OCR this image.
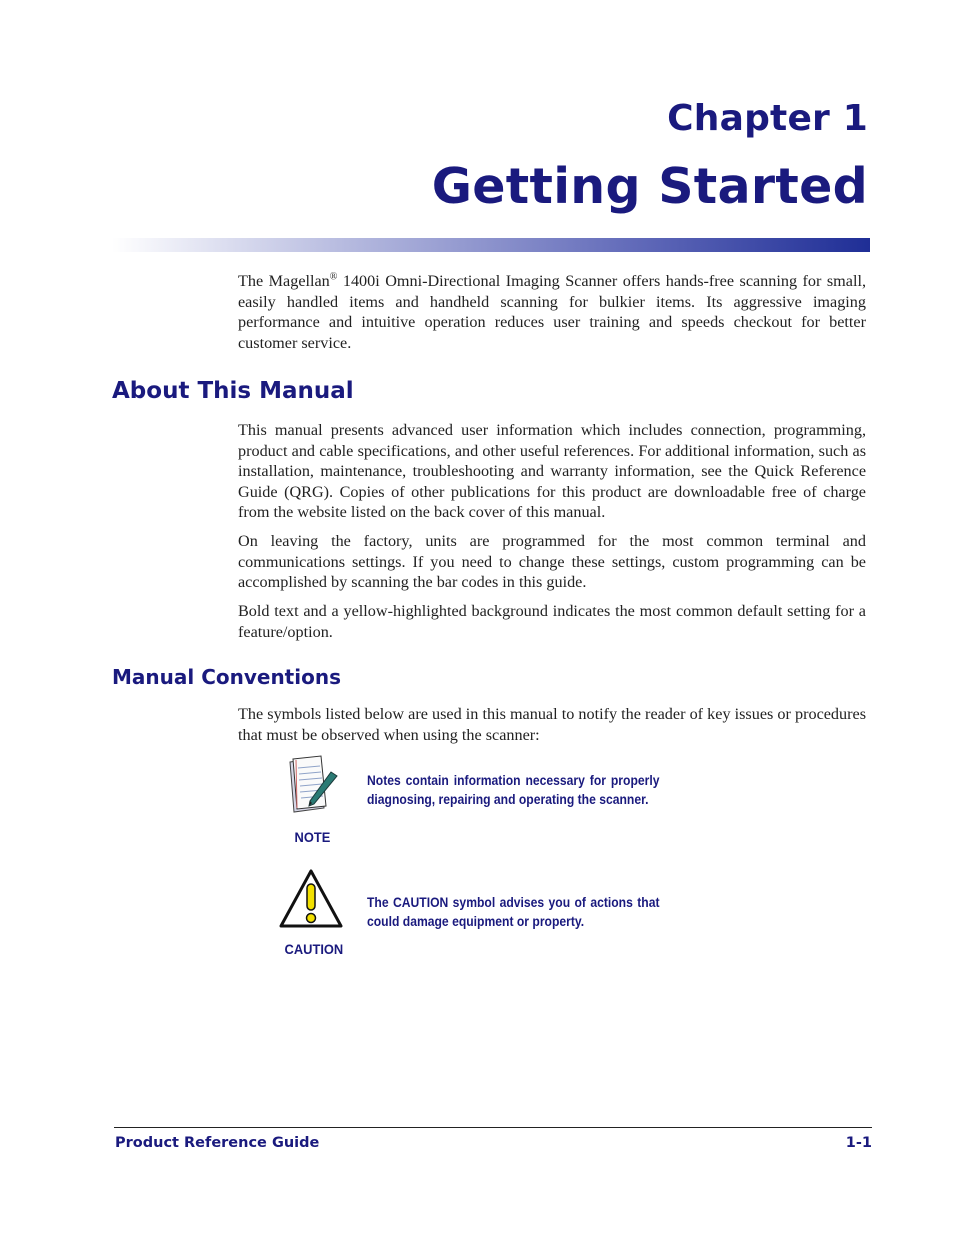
Chapter 1
Getting Started

The Magellan® 1400i Omni-Directional Imaging Scanner offers hands-free scanning for small, easily handled items and handheld scanning for bulkier items. Its aggressive imaging performance and intuitive operation reduces user training and speeds checkout for better customer service.

About This Manual

This manual presents advanced user information which includes connection, programming, product and cable specifications, and other useful references. For additional information, such as installation, maintenance, troubleshooting and warranty information, see the Quick Reference Guide (QRG). Copies of other publications for this product are downloadable free of charge from the website listed on the back cover of this manual.

On leaving the factory, units are programmed for the most common terminal and communications settings. If you need to change these settings, custom programming can be accomplished by scanning the bar codes in this guide.

Bold text and a yellow-highlighted background indicates the most common default setting for a feature/option.

Manual Conventions

The symbols listed below are used in this manual to notify the reader of key issues or procedures that must be observed when using the scanner:

NOTE

Notes contain information necessary for properly diagnosing, repairing and operating the scanner.

CAUTION

The CAUTION symbol advises you of actions that could damage equipment or property.

Product Reference Guide	1-1
